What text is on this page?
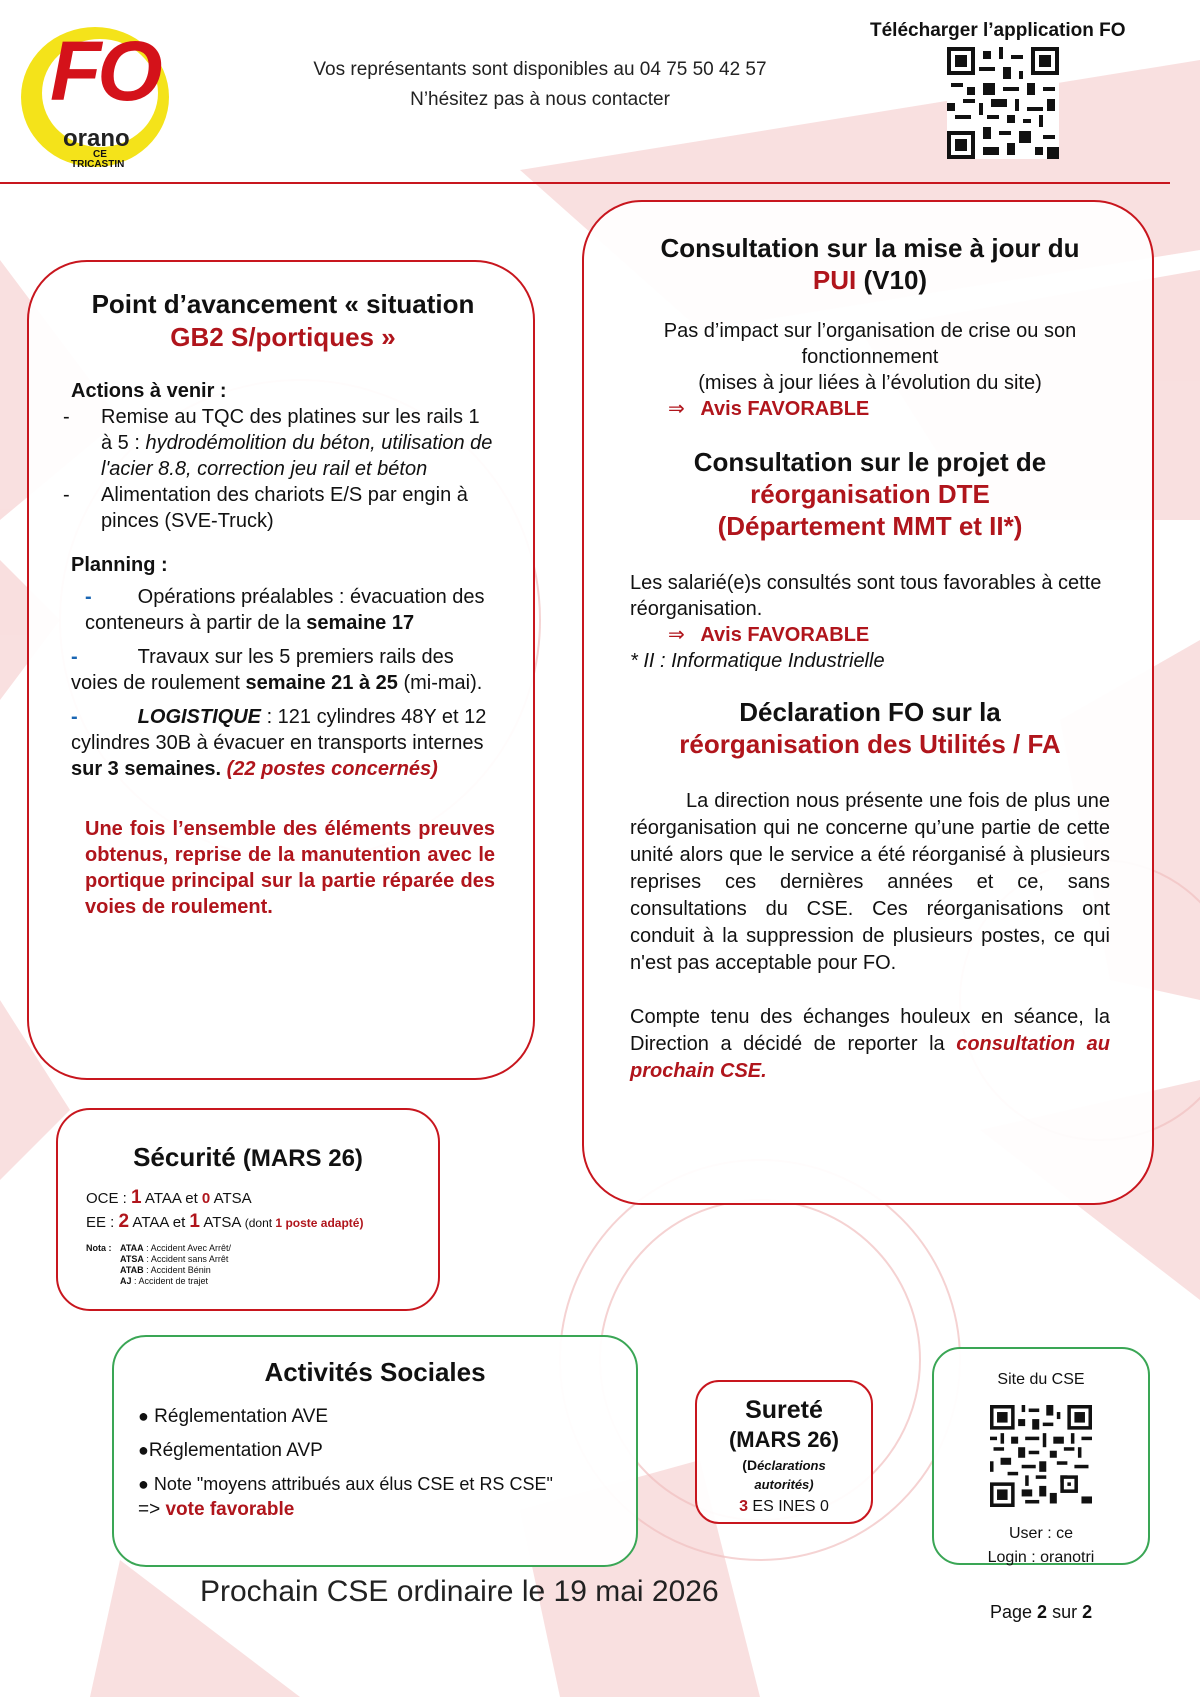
FO
orano
CE
TRICASTIN
Vos représentants sont disponibles au 04 75 50 42 57
N’hésitez pas à nous contacter
Télécharger l’application FO
Point d’avancement « situation
GB2 S/portiques »
Actions à venir :
- Remise au TQC des platines sur les rails 1 à 5 : hydrodémolition du béton, utilisation de l'acier 8.8, correction jeu rail et béton
- Alimentation des chariots E/S par engin à pinces (SVE-Truck)
Planning :
- Opérations préalables : évacuation des conteneurs à partir de la semaine 17
-	Travaux sur les 5 premiers rails des voies de roulement semaine 21 à 25 (mi-mai).
-	LOGISTIQUE : 121 cylindres 48Y et 12 cylindres 30B à évacuer en transports internes sur 3 semaines. (22 postes concernés)
Une fois l’ensemble des éléments preuves obtenus, reprise de la manutention avec le portique principal sur la partie réparée des voies de roulement.
Consultation sur la mise à jour du
PUI (V10)
Pas d’impact sur l’organisation de crise ou son fonctionnement
(mises à jour liées à l’évolution du site)
⇒ Avis FAVORABLE
Consultation sur le projet de
réorganisation DTE
(Département MMT et II*)
Les salarié(e)s consultés sont tous favorables à cette réorganisation.
⇒ Avis FAVORABLE
* II : Informatique Industrielle
Déclaration FO sur la
réorganisation des Utilités / FA
La direction nous présente une fois de plus une réorganisation qui ne concerne qu’une partie de cette unité alors que le service a été réorganisé à plusieurs reprises ces dernières années et ce, sans consultations du CSE. Ces réorganisations ont conduit à la suppression de plusieurs postes, ce qui n'est pas acceptable pour FO.
Compte tenu des échanges houleux en séance, la Direction a décidé de reporter la consultation au prochain CSE.
Sécurité (MARS 26)
OCE : 1 ATAA et 0 ATSA
EE : 2 ATAA et 1 ATSA (dont 1 poste adapté)
Nota : ATAA : Accident Avec Arrêt/
ATSA : Accident sans Arrêt
ATAB : Accident Bénin
AJ : Accident de trajet
Activités Sociales
● Réglementation AVE
●Réglementation AVP
● Note "moyens attribués aux élus CSE et RS CSE"
=> vote favorable
Sureté
(MARS 26)
(Déclarations
autorités)
3 ES INES 0
Site du CSE
User : ce
Login : oranotri
Prochain CSE ordinaire le 19 mai 2026
Page 2 sur 2
